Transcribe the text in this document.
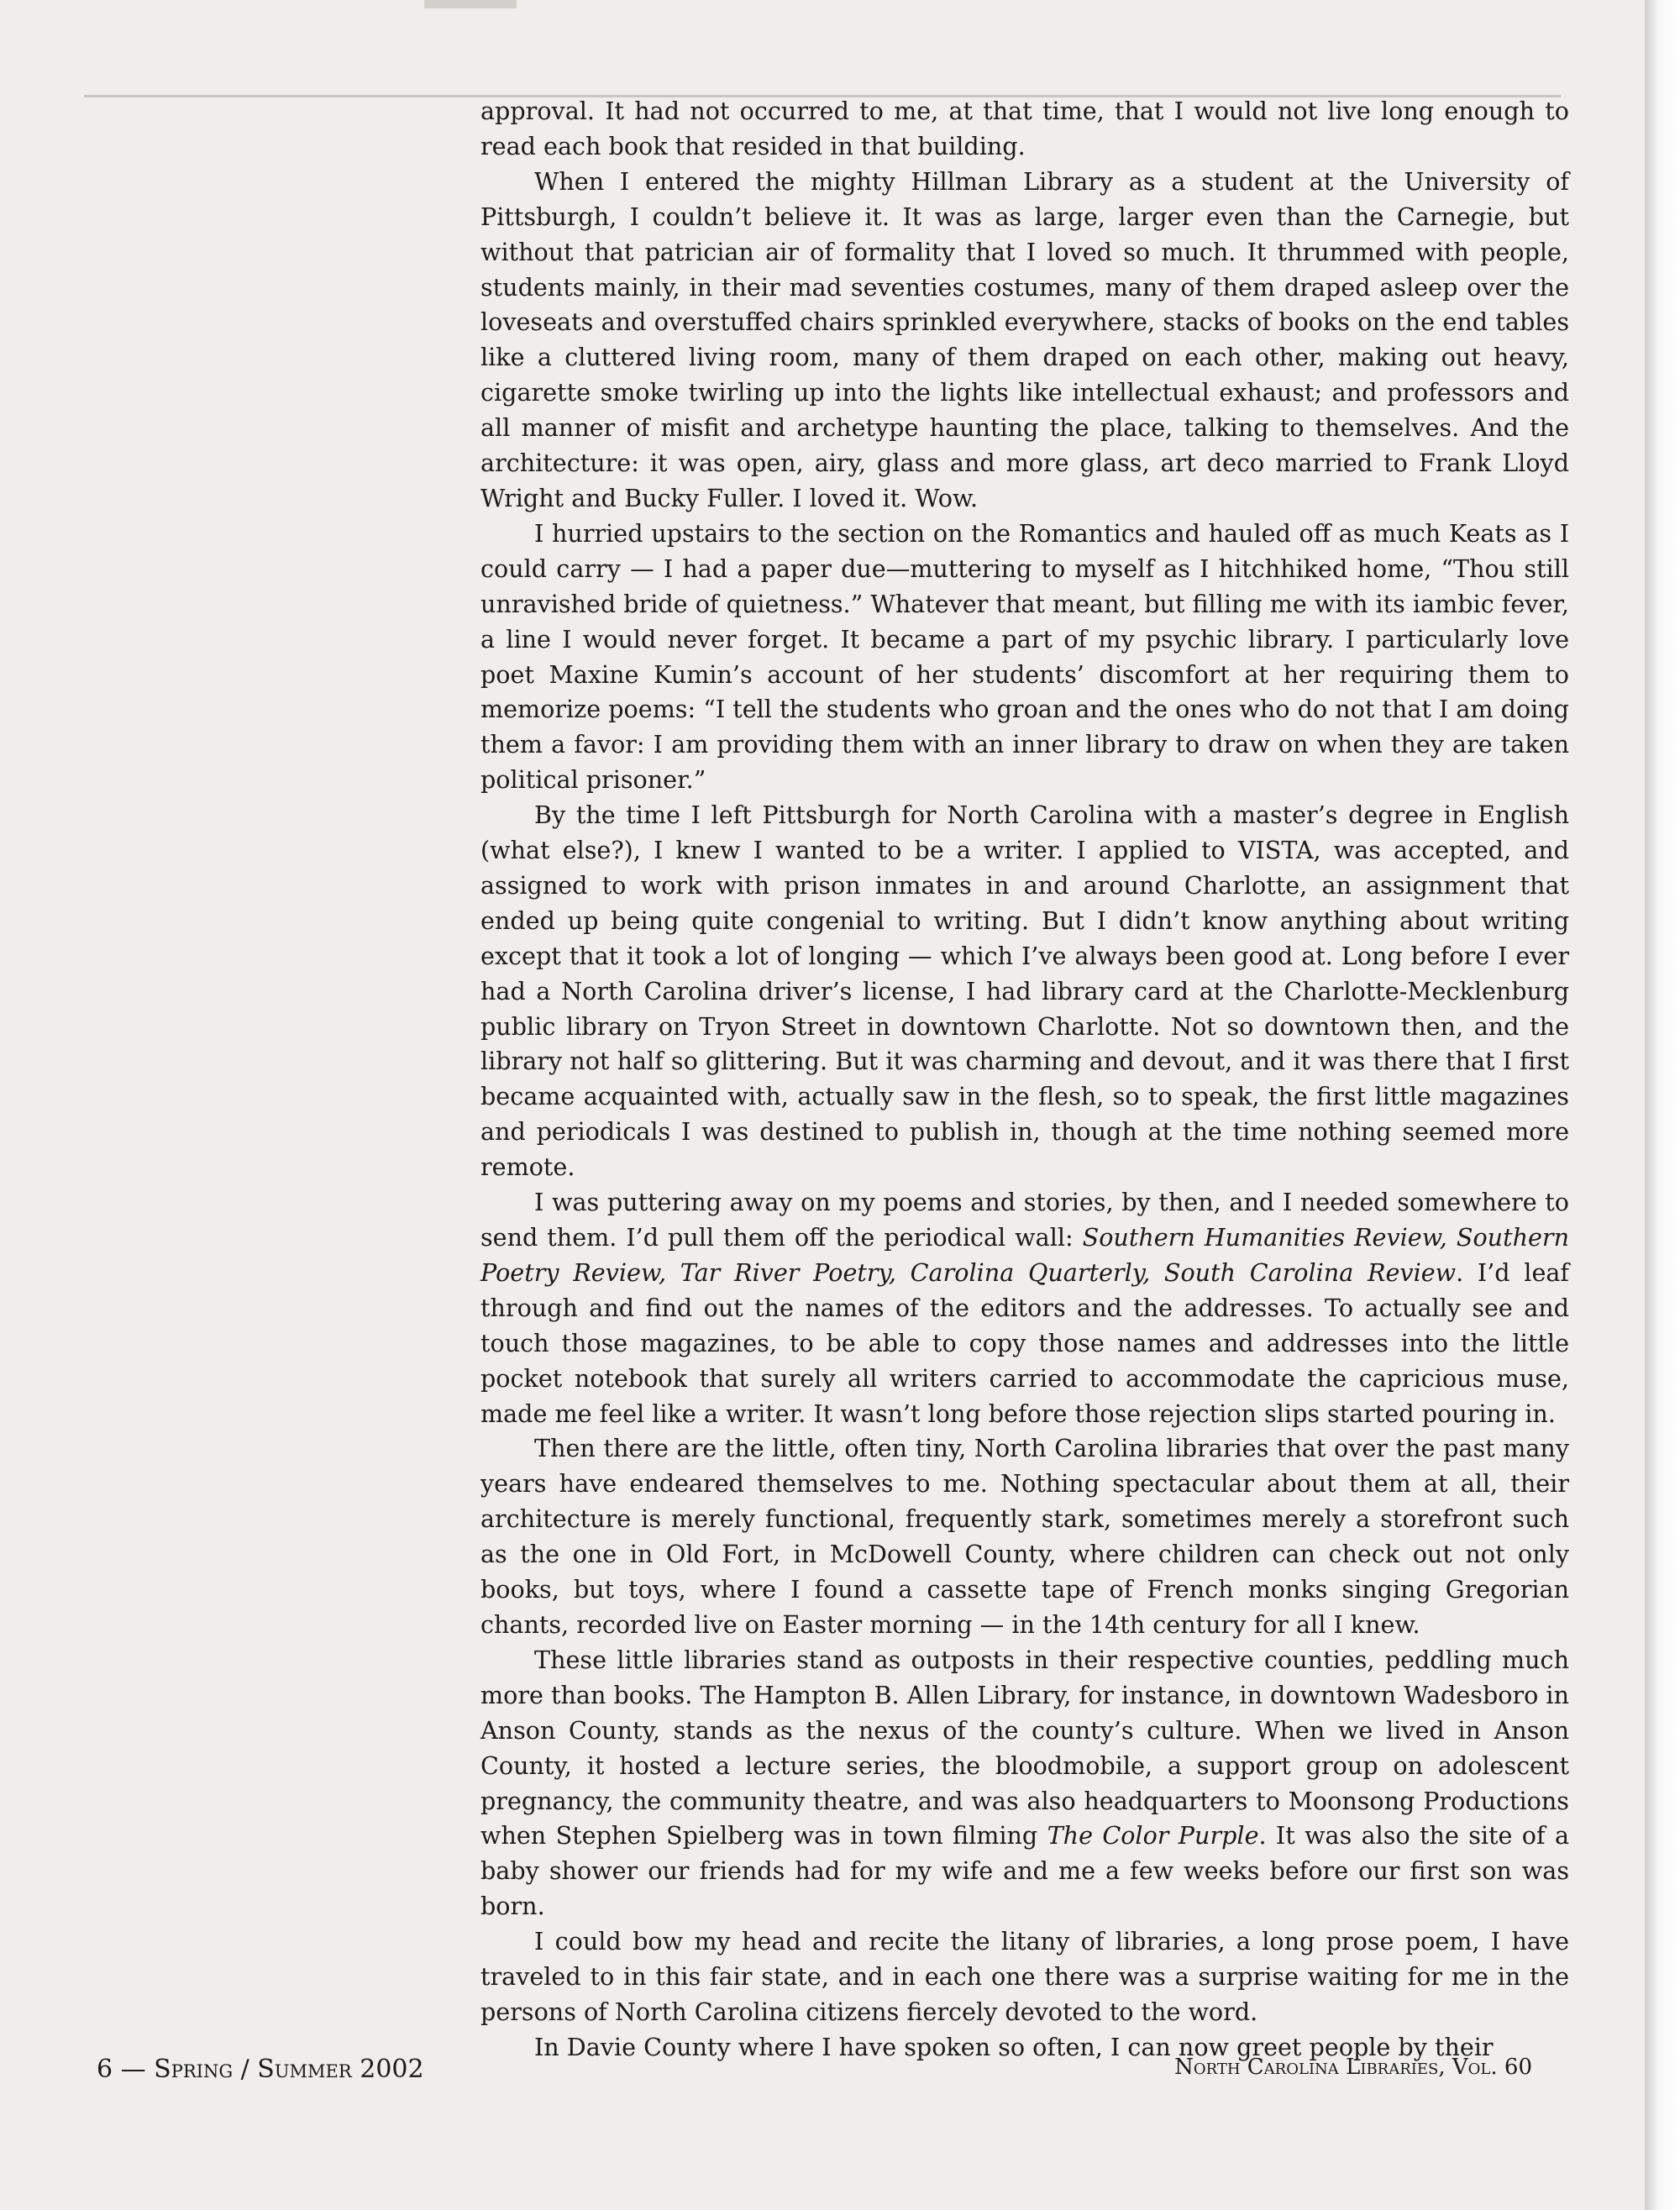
approval. It had not occurred to me, at that time, that I would not live long enough to read each book that resided in that building.

When I entered the mighty Hillman Library as a student at the University of Pittsburgh, I couldn’t believe it. It was as large, larger even than the Carnegie, but without that patrician air of formality that I loved so much. It thrummed with people, students mainly, in their mad seventies costumes, many of them draped asleep over the loveseats and overstuffed chairs sprinkled everywhere, stacks of books on the end tables like a cluttered living room, many of them draped on each other, making out heavy, cigarette smoke twirling up into the lights like intellectual exhaust; and professors and all manner of misfit and archetype haunting the place, talking to themselves. And the architecture: it was open, airy, glass and more glass, art deco married to Frank Lloyd Wright and Bucky Fuller. I loved it. Wow.

I hurried upstairs to the section on the Romantics and hauled off as much Keats as I could carry — I had a paper due—muttering to myself as I hitchhiked home, “Thou still unravished bride of quietness.” Whatever that meant, but filling me with its iambic fever, a line I would never forget. It became a part of my psychic library. I particularly love poet Maxine Kumin’s account of her students’ discomfort at her requiring them to memorize poems: “I tell the students who groan and the ones who do not that I am doing them a favor: I am providing them with an inner library to draw on when they are taken political prisoner.”

By the time I left Pittsburgh for North Carolina with a master’s degree in English (what else?), I knew I wanted to be a writer. I applied to VISTA, was accepted, and assigned to work with prison inmates in and around Charlotte, an assignment that ended up being quite congenial to writing. But I didn’t know anything about writing except that it took a lot of longing — which I’ve always been good at. Long before I ever had a North Carolina driver’s license, I had library card at the Charlotte-Mecklenburg public library on Tryon Street in downtown Charlotte. Not so downtown then, and the library not half so glittering. But it was charming and devout, and it was there that I first became acquainted with, actually saw in the flesh, so to speak, the first little magazines and periodicals I was destined to publish in, though at the time nothing seemed more remote.

I was puttering away on my poems and stories, by then, and I needed somewhere to send them. I’d pull them off the periodical wall: Southern Humanities Review, Southern Poetry Review, Tar River Poetry, Carolina Quarterly, South Carolina Review. I’d leaf through and find out the names of the editors and the addresses. To actually see and touch those magazines, to be able to copy those names and addresses into the little pocket notebook that surely all writers carried to accommodate the capricious muse, made me feel like a writer. It wasn’t long before those rejection slips started pouring in.

Then there are the little, often tiny, North Carolina libraries that over the past many years have endeared themselves to me. Nothing spectacular about them at all, their architecture is merely functional, frequently stark, sometimes merely a storefront such as the one in Old Fort, in McDowell County, where children can check out not only books, but toys, where I found a cassette tape of French monks singing Gregorian chants, recorded live on Easter morning — in the 14th century for all I knew.

These little libraries stand as outposts in their respective counties, peddling much more than books. The Hampton B. Allen Library, for instance, in downtown Wadesboro in Anson County, stands as the nexus of the county’s culture. When we lived in Anson County, it hosted a lecture series, the bloodmobile, a support group on adolescent pregnancy, the community theatre, and was also headquarters to Moonsong Productions when Stephen Spielberg was in town filming The Color Purple. It was also the site of a baby shower our friends had for my wife and me a few weeks before our first son was born.

I could bow my head and recite the litany of libraries, a long prose poem, I have traveled to in this fair state, and in each one there was a surprise waiting for me in the persons of North Carolina citizens fiercely devoted to the word.

In Davie County where I have spoken so often, I can now greet people by their

6 — Spring / Summer 2002	North Carolina Libraries, Vol. 60
